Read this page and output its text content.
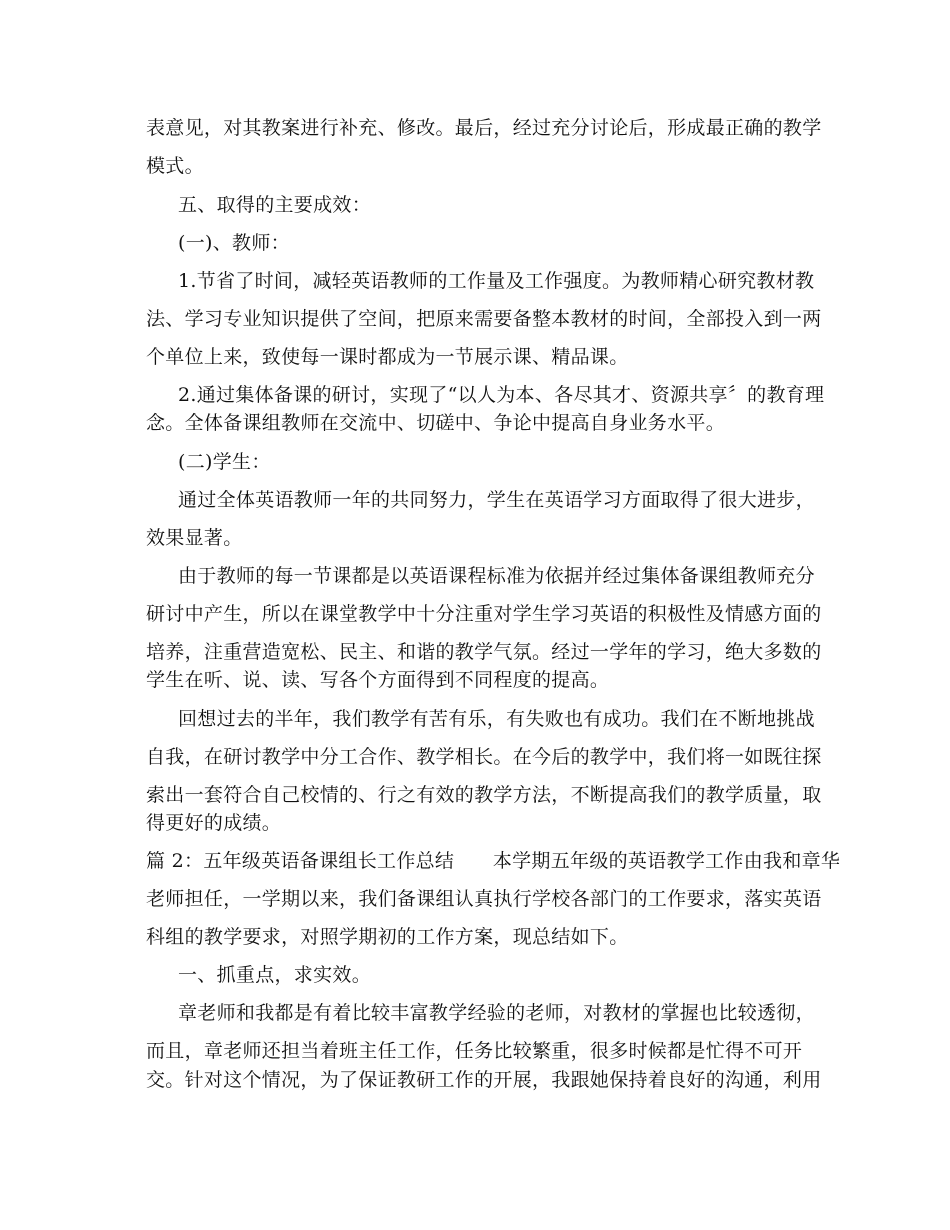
表意见，对其教案进行补充、修改。最后，经过充分讨论后，形成最正确的教学
模式。
五、取得的主要成效：
(一)、教师：
1.节省了时间，减轻英语教师的工作量及工作强度。为教师精心研究教材教
法、学习专业知识提供了空间，把原来需要备整本教材的时间，全部投入到一两
个单位上来，致使每一课时都成为一节展示课、精品课。
2.通过集体备课的研讨，实现了“以人为本、各尽其才、资源共享〞的教育理
念。全体备课组教师在交流中、切磋中、争论中提高自身业务水平。
(二)学生：
通过全体英语教师一年的共同努力，学生在英语学习方面取得了很大进步，
效果显著。
由于教师的每一节课都是以英语课程标准为依据并经过集体备课组教师充分
研讨中产生，所以在课堂教学中十分注重对学生学习英语的积极性及情感方面的
培养，注重营造宽松、民主、和谐的教学气氛。经过一学年的学习，绝大多数的
学生在听、说、读、写各个方面得到不同程度的提高。
回想过去的半年，我们教学有苦有乐，有失败也有成功。我们在不断地挑战
自我，在研讨教学中分工合作、教学相长。在今后的教学中，我们将一如既往探
索出一套符合自己校情的、行之有效的教学方法，不断提高我们的教学质量，取
得更好的成绩。
篇 2：五年级英语备课组长工作总结　　本学期五年级的英语教学工作由我和章华
老师担任，一学期以来，我们备课组认真执行学校各部门的工作要求，落实英语
科组的教学要求，对照学期初的工作方案，现总结如下。
一、抓重点，求实效。
章老师和我都是有着比较丰富教学经验的老师，对教材的掌握也比较透彻，
而且，章老师还担当着班主任工作，任务比较繁重，很多时候都是忙得不可开
交。针对这个情况，为了保证教研工作的开展，我跟她保持着良好的沟通，利用
